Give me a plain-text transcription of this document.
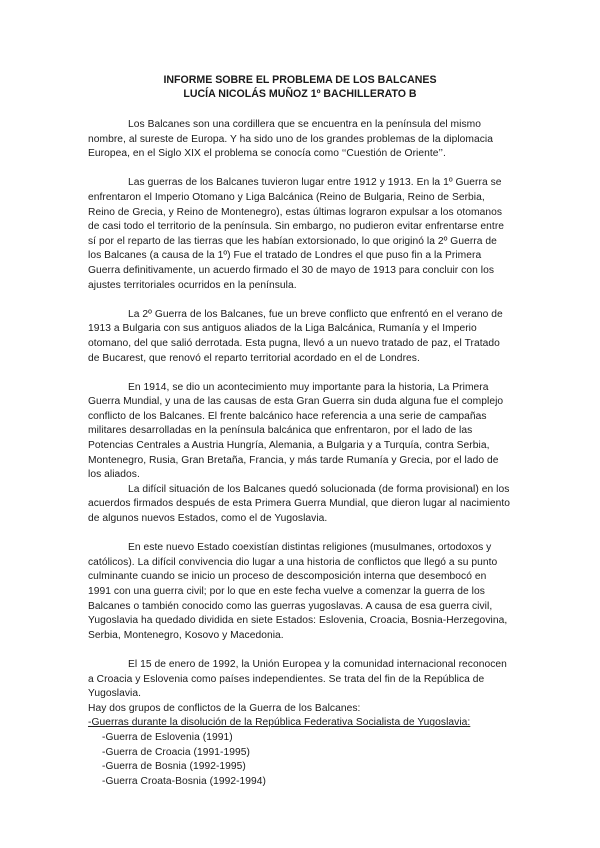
INFORME SOBRE EL PROBLEMA DE LOS BALCANES
LUCÍA NICOLÁS MUÑOZ 1º BACHILLERATO B

Los Balcanes son una cordillera que se encuentra en la península del mismo nombre, al sureste de Europa. Y ha sido uno de los grandes problemas de la diplomacia Europea, en el Siglo XIX el problema se conocía como ‘‘Cuestión de Oriente’’.

Las guerras de los Balcanes tuvieron lugar entre 1912 y 1913. En la 1º Guerra se enfrentaron el Imperio Otomano y Liga Balcánica (Reino de Bulgaria, Reino de Serbia, Reino de Grecia, y Reino de Montenegro), estas últimas lograron expulsar a los otomanos de casi todo el territorio de la península. Sin embargo, no pudieron evitar enfrentarse entre sí por el reparto de las tierras que les habían extorsionado, lo que originó la 2º Guerra de los Balcanes (a causa de la 1º) Fue el tratado de Londres el que puso fin a la Primera Guerra definitivamente, un acuerdo firmado el 30 de mayo de 1913 para concluir con los ajustes territoriales ocurridos en la península.

La 2º Guerra de los Balcanes, fue un breve conflicto que enfrentó en el verano de 1913 a Bulgaria con sus antiguos aliados de la Liga Balcánica, Rumanía y el Imperio otomano, del que salió derrotada. Esta pugna, llevó a un nuevo tratado de paz, el Tratado de Bucarest, que renovó el reparto territorial acordado en el de Londres.

En 1914, se dio un acontecimiento muy importante para la historia, La Primera Guerra Mundial, y una de las causas de esta Gran Guerra sin duda alguna fue el complejo conflicto de los Balcanes. El frente balcánico hace referencia a una serie de campañas militares desarrolladas en la península balcánica que enfrentaron, por el lado de las Potencias Centrales a Austria Hungría, Alemania, a Bulgaria y a Turquía, contra Serbia, Montenegro, Rusia, Gran Bretaña, Francia, y más tarde Rumanía y Grecia, por el lado de los aliados.

La difícil situación de los Balcanes quedó solucionada (de forma provisional) en los acuerdos firmados después de esta Primera Guerra Mundial, que dieron lugar al nacimiento de algunos nuevos Estados, como el de Yugoslavia.

En este nuevo Estado coexistían distintas religiones (musulmanes, ortodoxos y católicos). La difícil convivencia dio lugar a una historia de conflictos que llegó a su punto culminante cuando se inicio un proceso de descomposición interna que desembocó en 1991 con una guerra civil; por lo que en este fecha vuelve a comenzar la guerra de los Balcanes o también conocido como las guerras yugoslavas. A causa de esa guerra civil, Yugoslavia ha quedado dividida en siete Estados: Eslovenia, Croacia, Bosnia-Herzegovina, Serbia, Montenegro, Kosovo y Macedonia.

El 15 de enero de 1992, la Unión Europea y la comunidad internacional reconocen a Croacia y Eslovenia como países independientes. Se trata del fin de la República de Yugoslavia.

Hay dos grupos de conflictos de la Guerra de los Balcanes:

-Guerras durante la disolución de la República Federativa Socialista de Yugoslavia:

-Guerra de Eslovenia (1991)
-Guerra de Croacia (1991-1995)
-Guerra de Bosnia (1992-1995)
-Guerra Croata-Bosnia (1992-1994)
